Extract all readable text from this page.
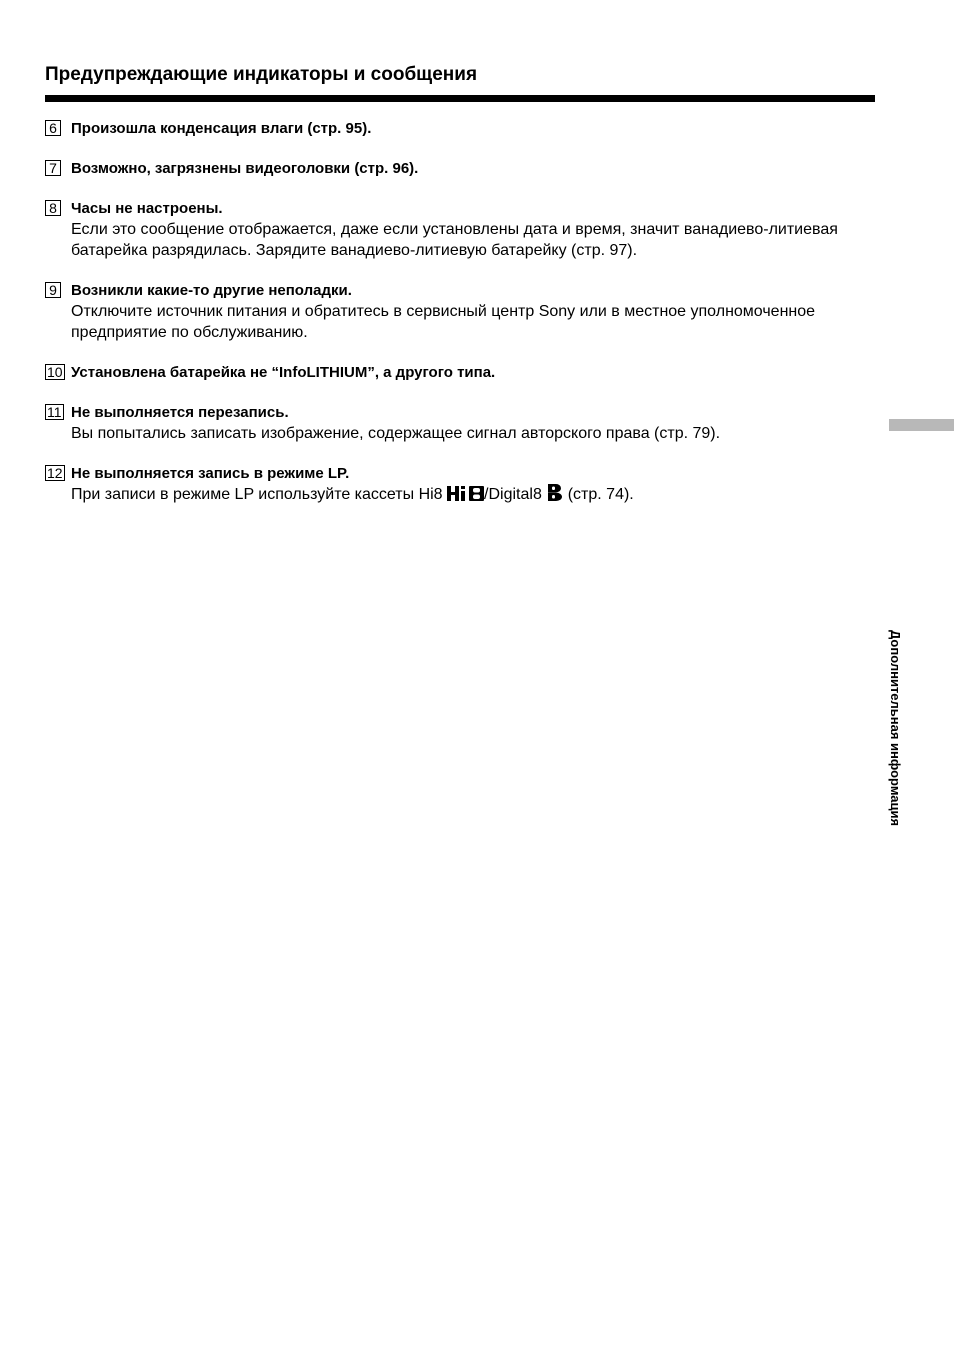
Предупреждающие индикаторы и сообщения
6 Произошла конденсация влаги (стр. 95).
7 Возможно, загрязнены видеоголовки (стр. 96).
8 Часы не настроены.
Если это сообщение отображается, даже если установлены дата и время, значит ванадиево-литиевая батарейка разрядилась. Зарядите ванадиево-литиевую батарейку (стр. 97).
9 Возникли какие-то другие неполадки.
Отключите источник питания и обратитесь в сервисный центр Sony или в местное уполномоченное предприятие по обслуживанию.
10 Установлена батарейка не “InfoLITHIUM”, а другого типа.
11 Не выполняется перезапись.
Вы попытались записать изображение, содержащее сигнал авторского права (стр. 79).
12 Не выполняется запись в режиме LP.
При записи в режиме LP используйте кассеты Hi8 /Digital8  (стр. 74).
Дополнительная информация
